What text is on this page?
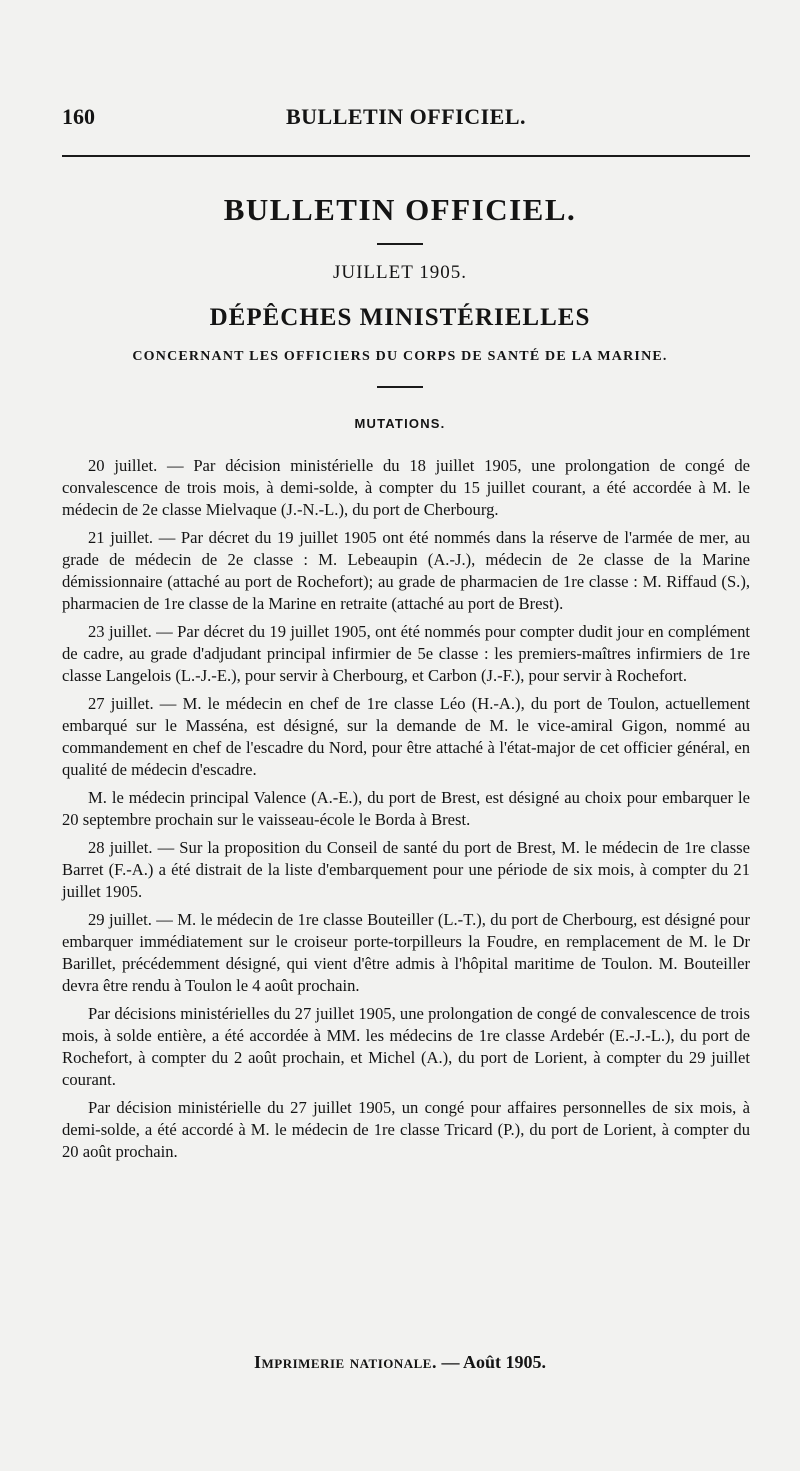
160	BULLETIN OFFICIEL.
BULLETIN OFFICIEL.
JUILLET 1905.
DÉPÊCHES MINISTÉRIELLES
CONCERNANT LES OFFICIERS DU CORPS DE SANTÉ DE LA MARINE.
MUTATIONS.

20 juillet. — Par décision ministérielle du 18 juillet 1905, une prolongation de congé de convalescence de trois mois, à demi-solde, à compter du 15 juillet courant, a été accordée à M. le médecin de 2e classe Mielvaque (J.-N.-L.), du port de Cherbourg.

21 juillet. — Par décret du 19 juillet 1905 ont été nommés dans la réserve de l'armée de mer, au grade de médecin de 2e classe : M. Lebeaupin (A.-J.), médecin de 2e classe de la Marine démissionnaire (attaché au port de Rochefort); au grade de pharmacien de 1re classe : M. Riffaud (S.), pharmacien de 1re classe de la Marine en retraite (attaché au port de Brest).

23 juillet. — Par décret du 19 juillet 1905, ont été nommés pour compter dudit jour en complément de cadre, au grade d'adjudant principal infirmier de 5e classe : les premiers-maîtres infirmiers de 1re classe Langelois (L.-J.-E.), pour servir à Cherbourg, et Carbon (J.-F.), pour servir à Rochefort.

27 juillet. — M. le médecin en chef de 1re classe Léo (H.-A.), du port de Toulon, actuellement embarqué sur le Masséna, est désigné, sur la demande de M. le vice-amiral Gigon, nommé au commandement en chef de l'escadre du Nord, pour être attaché à l'état-major de cet officier général, en qualité de médecin d'escadre.

M. le médecin principal Valence (A.-E.), du port de Brest, est désigné au choix pour embarquer le 20 septembre prochain sur le vaisseau-école le Borda à Brest.

28 juillet. — Sur la proposition du Conseil de santé du port de Brest, M. le médecin de 1re classe Barret (F.-A.) a été distrait de la liste d'embarquement pour une période de six mois, à compter du 21 juillet 1905.

29 juillet. — M. le médecin de 1re classe Bouteiller (L.-T.), du port de Cherbourg, est désigné pour embarquer immédiatement sur le croiseur porte-torpilleurs la Foudre, en remplacement de M. le Dr Barillet, précédemment désigné, qui vient d'être admis à l'hôpital maritime de Toulon. M. Bouteiller devra être rendu à Toulon le 4 août prochain.

Par décisions ministérielles du 27 juillet 1905, une prolongation de congé de convalescence de trois mois, à solde entière, a été accordée à MM. les médecins de 1re classe Ardebér (E.-J.-L.), du port de Rochefort, à compter du 2 août prochain, et Michel (A.), du port de Lorient, à compter du 29 juillet courant.

Par décision ministérielle du 27 juillet 1905, un congé pour affaires personnelles de six mois, à demi-solde, a été accordé à M. le médecin de 1re classe Tricard (P.), du port de Lorient, à compter du 20 août prochain.

Imprimerie nationale. — Août 1905.
